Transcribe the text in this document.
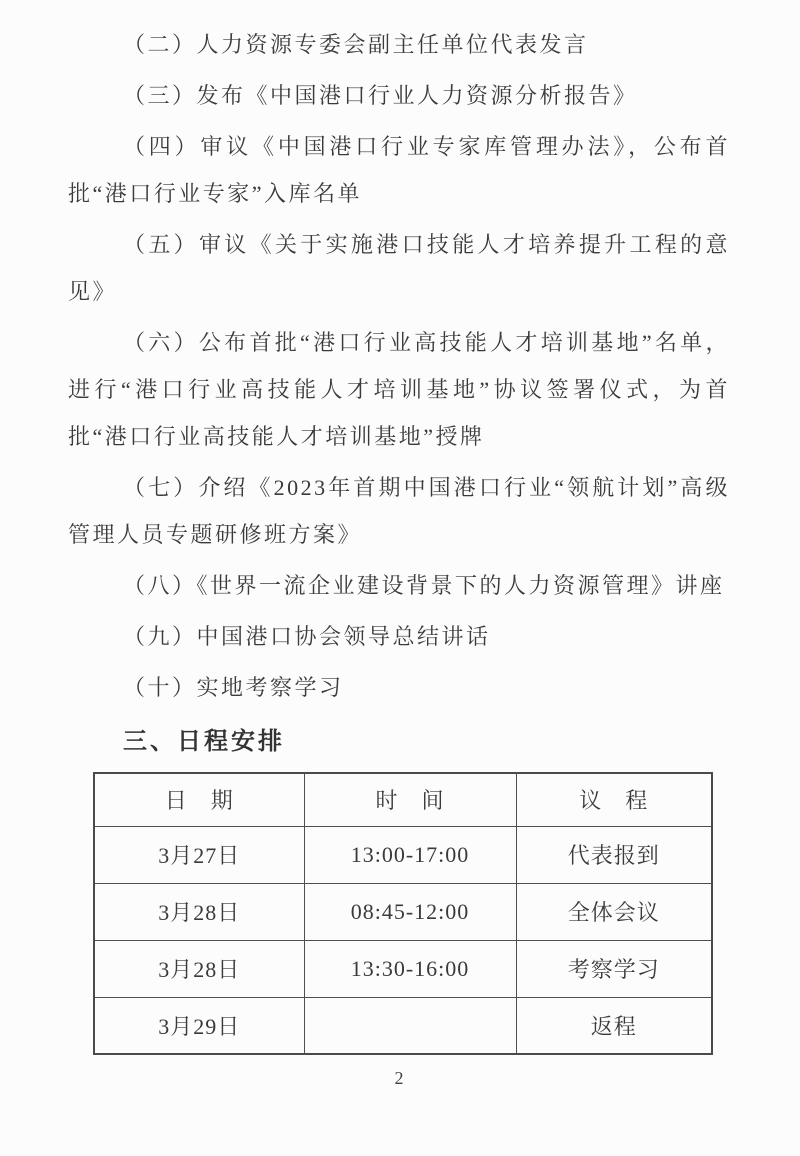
（二）人力资源专委会副主任单位代表发言

（三）发布《中国港口行业人力资源分析报告》

（四）审议《中国港口行业专家库管理办法》，公布首批“港口行业专家”入库名单

（五）审议《关于实施港口技能人才培养提升工程的意见》

（六）公布首批“港口行业高技能人才培训基地”名单，进行“港口行业高技能人才培训基地”协议签署仪式，为首批“港口行业高技能人才培训基地”授牌

（七）介绍《2023年首期中国港口行业“领航计划”高级管理人员专题研修班方案》

（八）《世界一流企业建设背景下的人力资源管理》讲座

（九）中国港口协会领导总结讲话

（十）实地考察学习

三、日程安排
日　期	时　间	议　程
3月27日	13:00-17:00	代表报到
3月28日	08:45-12:00	全体会议
3月28日	13:30-16:00	考察学习
3月29日		返程
2
